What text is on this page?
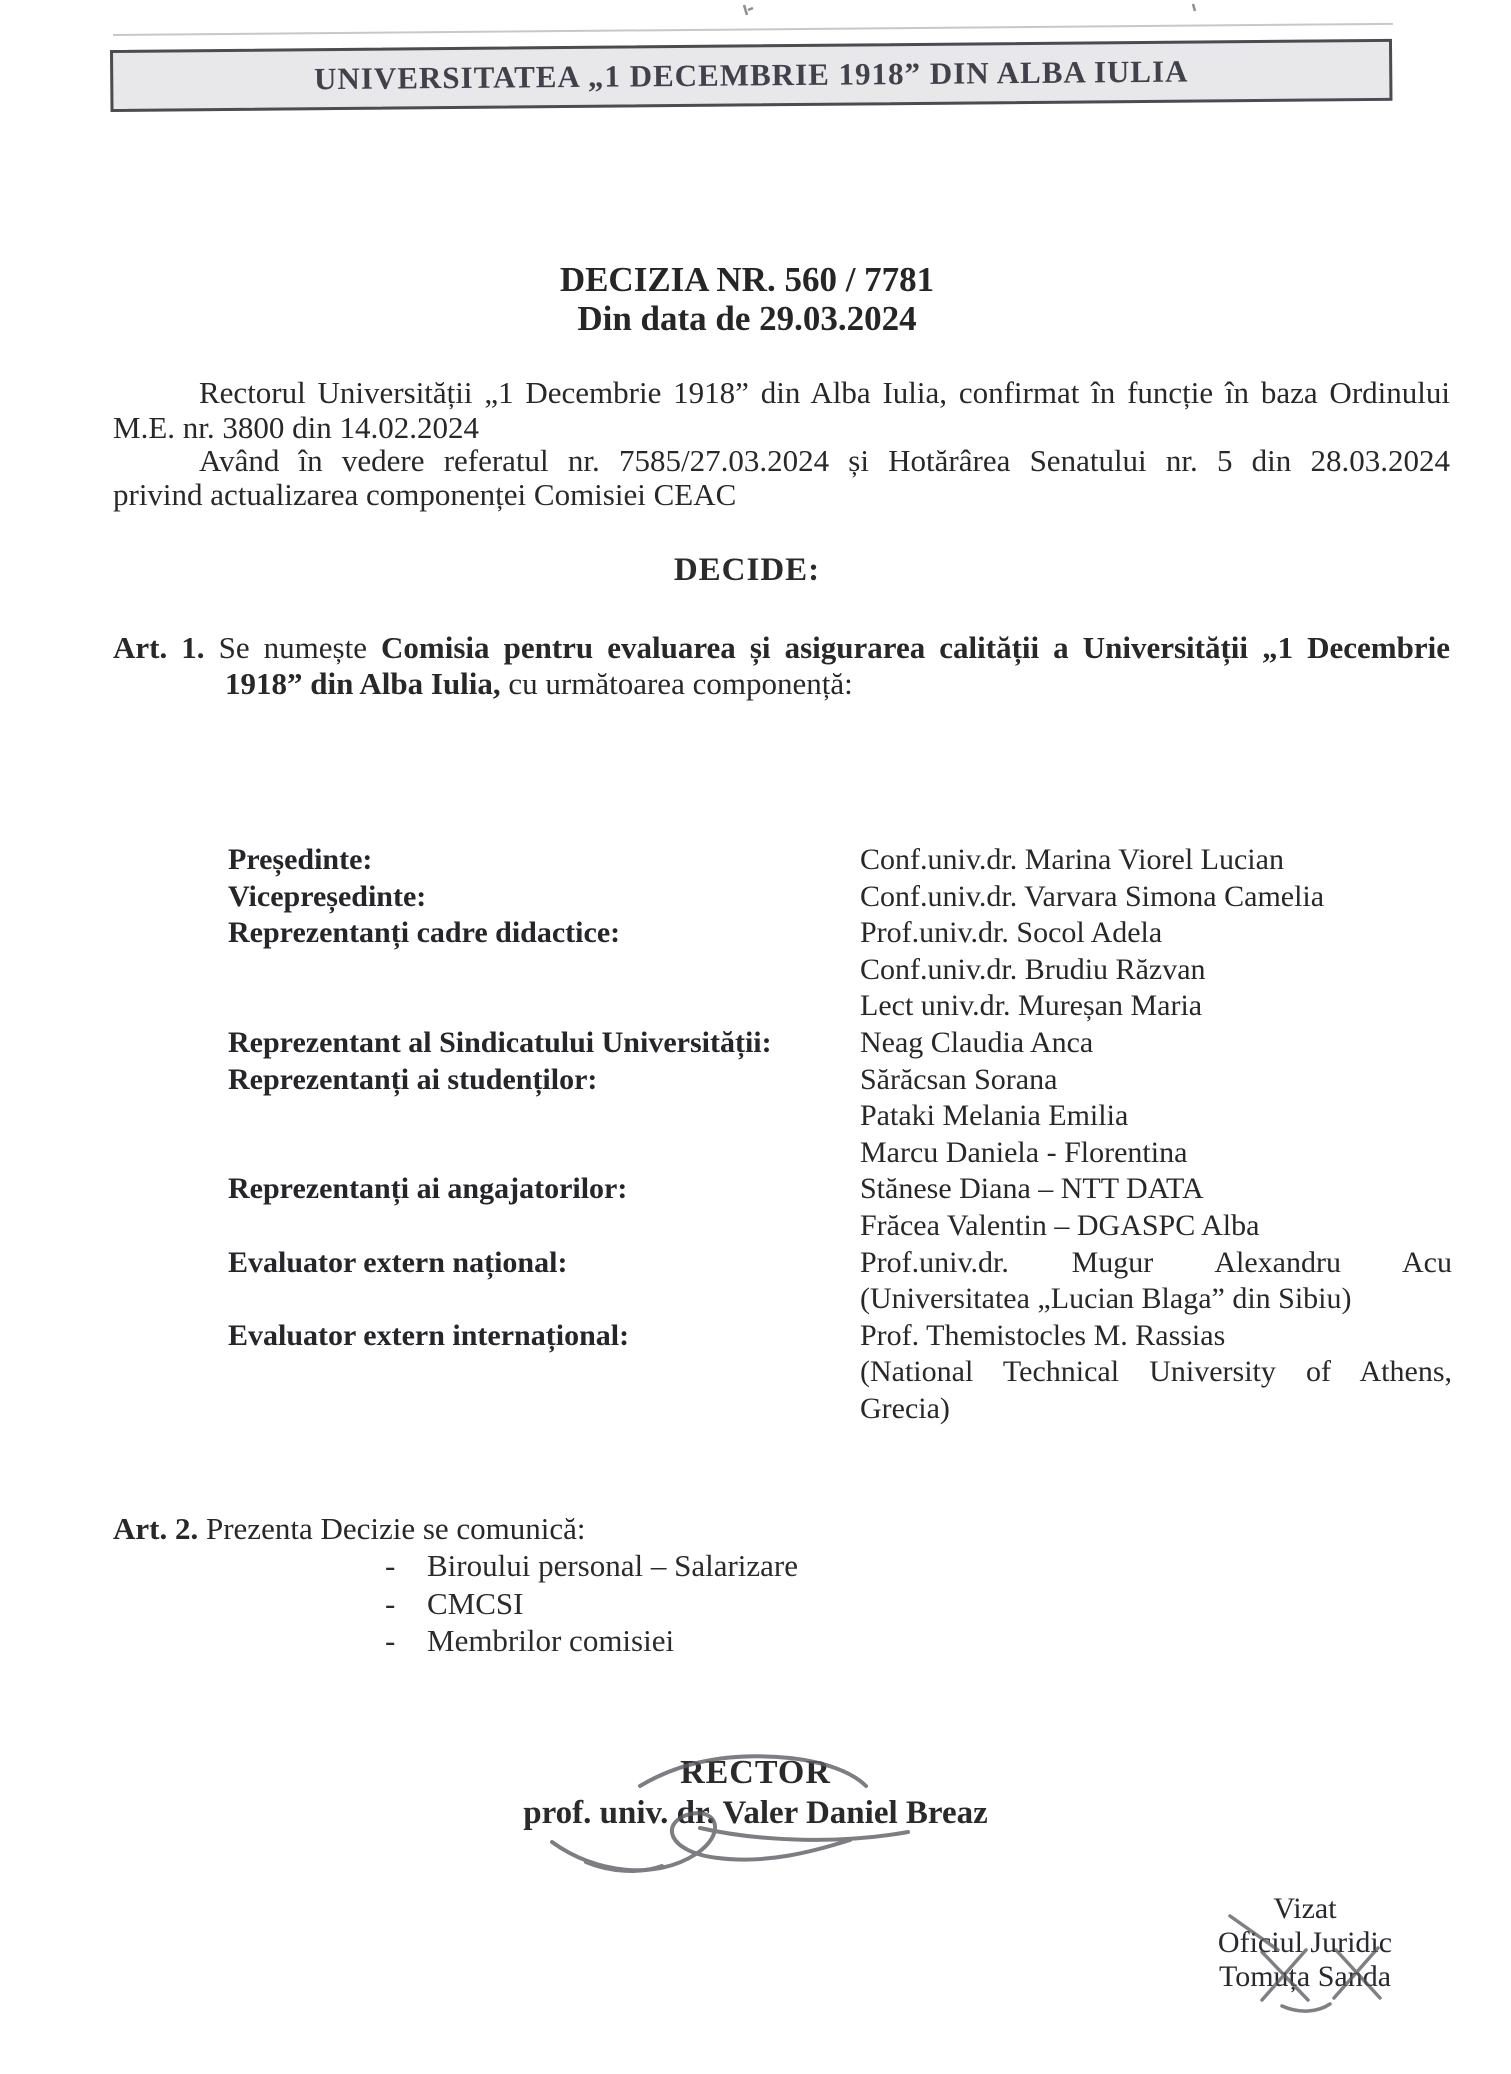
UNIVERSITATEA „1 DECEMBRIE 1918” DIN ALBA IULIA
DECIZIA NR. 560 / 7781
Din data de 29.03.2024
Rectorul Universității „1 Decembrie 1918” din Alba Iulia, confirmat în funcție în baza Ordinului
M.E. nr. 3800 din 14.02.2024
Având în vedere referatul nr. 7585/27.03.2024 și Hotărârea Senatului nr. 5 din 28.03.2024
privind actualizarea componenței Comisiei CEAC
DECIDE:
Art. 1. Se numește Comisia pentru evaluarea și asigurarea calității a Universității „1 Decembrie
1918” din Alba Iulia, cu următoarea componență:
Președinte:	Conf.univ.dr. Marina Viorel Lucian
Vicepreședinte:	Conf.univ.dr. Varvara Simona Camelia
Reprezentanți cadre didactice:	Prof.univ.dr. Socol Adela
Conf.univ.dr. Brudiu Răzvan
Lect univ.dr. Mureșan Maria
Reprezentant al Sindicatului Universității:	Neag Claudia Anca
Reprezentanți ai studenților:	Sărăcsan Sorana
Pataki Melania Emilia
Marcu Daniela - Florentina
Reprezentanți ai angajatorilor:	Stănese Diana – NTT DATA
Frăcea Valentin – DGASPC Alba
Evaluator extern național:	Prof.univ.dr. Mugur Alexandru Acu
(Universitatea „Lucian Blaga” din Sibiu)
Evaluator extern internațional:	Prof. Themistocles M. Rassias
(National Technical University of Athens,
Grecia)
Art. 2. Prezenta Decizie se comunică:
- Biroului personal – Salarizare
- CMCSI
- Membrilor comisiei
RECTOR
prof. univ. dr. Valer Daniel Breaz
Vizat
Oficiul Juridic
Tomuța Sanda
